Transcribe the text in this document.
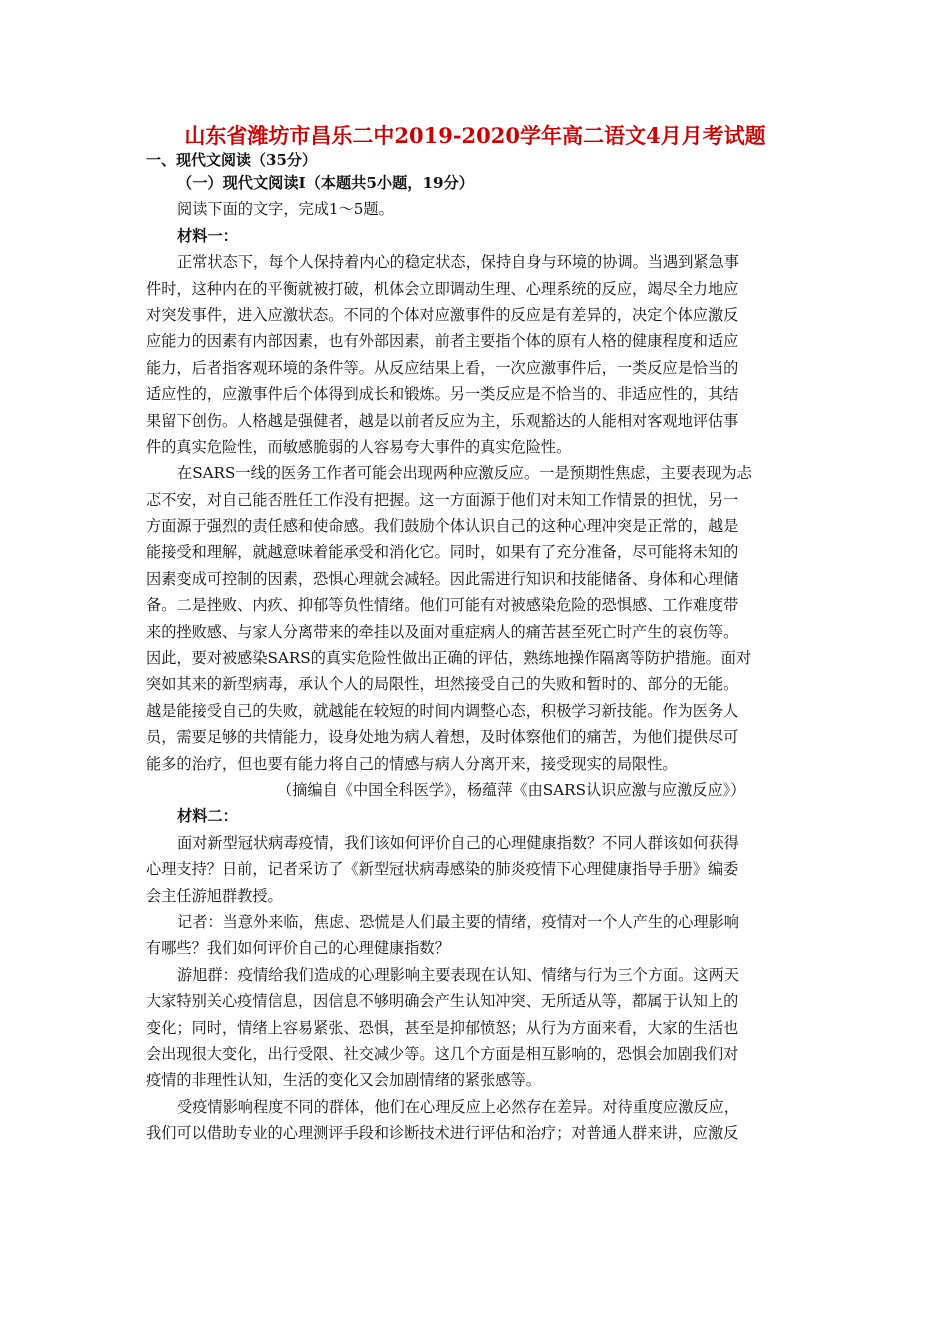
山东省潍坊市昌乐二中2019-2020学年高二语文4月月考试题
一、现代文阅读（35分）
（一）现代文阅读Ⅰ（本题共5小题，19分）
阅读下面的文字，完成1～5题。
材料一：
正常状态下，每个人保持着内心的稳定状态，保持自身与环境的协调。当遇到紧急事
件时，这种内在的平衡就被打破，机体会立即调动生理、心理系统的反应，竭尽全力地应
对突发事件，进入应激状态。不同的个体对应激事件的反应是有差异的，决定个体应激反
应能力的因素有内部因素，也有外部因素，前者主要指个体的原有人格的健康程度和适应
能力，后者指客观环境的条件等。从反应结果上看，一次应激事件后，一类反应是恰当的
适应性的，应激事件后个体得到成长和锻炼。另一类反应是不恰当的、非适应性的，其结
果留下创伤。人格越是强健者，越是以前者反应为主，乐观豁达的人能相对客观地评估事
件的真实危险性，而敏感脆弱的人容易夸大事件的真实危险性。
在SARS一线的医务工作者可能会出现两种应激反应。一是预期性焦虑，主要表现为忐
忑不安，对自己能否胜任工作没有把握。这一方面源于他们对未知工作情景的担忧，另一
方面源于强烈的责任感和使命感。我们鼓励个体认识自己的这种心理冲突是正常的，越是
能接受和理解，就越意味着能承受和消化它。同时，如果有了充分准备，尽可能将未知的
因素变成可控制的因素，恐惧心理就会减轻。因此需进行知识和技能储备、身体和心理储
备。二是挫败、内疚、抑郁等负性情绪。他们可能有对被感染危险的恐惧感、工作难度带
来的挫败感、与家人分离带来的牵挂以及面对重症病人的痛苦甚至死亡时产生的哀伤等。
因此，要对被感染SARS的真实危险性做出正确的评估，熟练地操作隔离等防护措施。面对
突如其来的新型病毒，承认个人的局限性，坦然接受自己的失败和暂时的、部分的无能。
越是能接受自己的失败，就越能在较短的时间内调整心态，积极学习新技能。作为医务人
员，需要足够的共情能力，设身处地为病人着想，及时体察他们的痛苦，为他们提供尽可
能多的治疗，但也要有能力将自己的情感与病人分离开来，接受现实的局限性。
（摘编自《中国全科医学》，杨蕴萍《由SARS认识应激与应激反应》）
材料二：
面对新型冠状病毒疫情，我们该如何评价自己的心理健康指数？不同人群该如何获得
心理支持？日前，记者采访了《新型冠状病毒感染的肺炎疫情下心理健康指导手册》编委
会主任游旭群教授。
记者：当意外来临，焦虑、恐慌是人们最主要的情绪，疫情对一个人产生的心理影响
有哪些？我们如何评价自己的心理健康指数？
游旭群：疫情给我们造成的心理影响主要表现在认知、情绪与行为三个方面。这两天
大家特别关心疫情信息，因信息不够明确会产生认知冲突、无所适从等，都属于认知上的
变化；同时，情绪上容易紧张、恐惧，甚至是抑郁愤怒；从行为方面来看，大家的生活也
会出现很大变化，出行受限、社交减少等。这几个方面是相互影响的，恐惧会加剧我们对
疫情的非理性认知，生活的变化又会加剧情绪的紧张感等。
受疫情影响程度不同的群体，他们在心理反应上必然存在差异。对待重度应激反应，
我们可以借助专业的心理测评手段和诊断技术进行评估和治疗；对普通人群来讲，应激反
